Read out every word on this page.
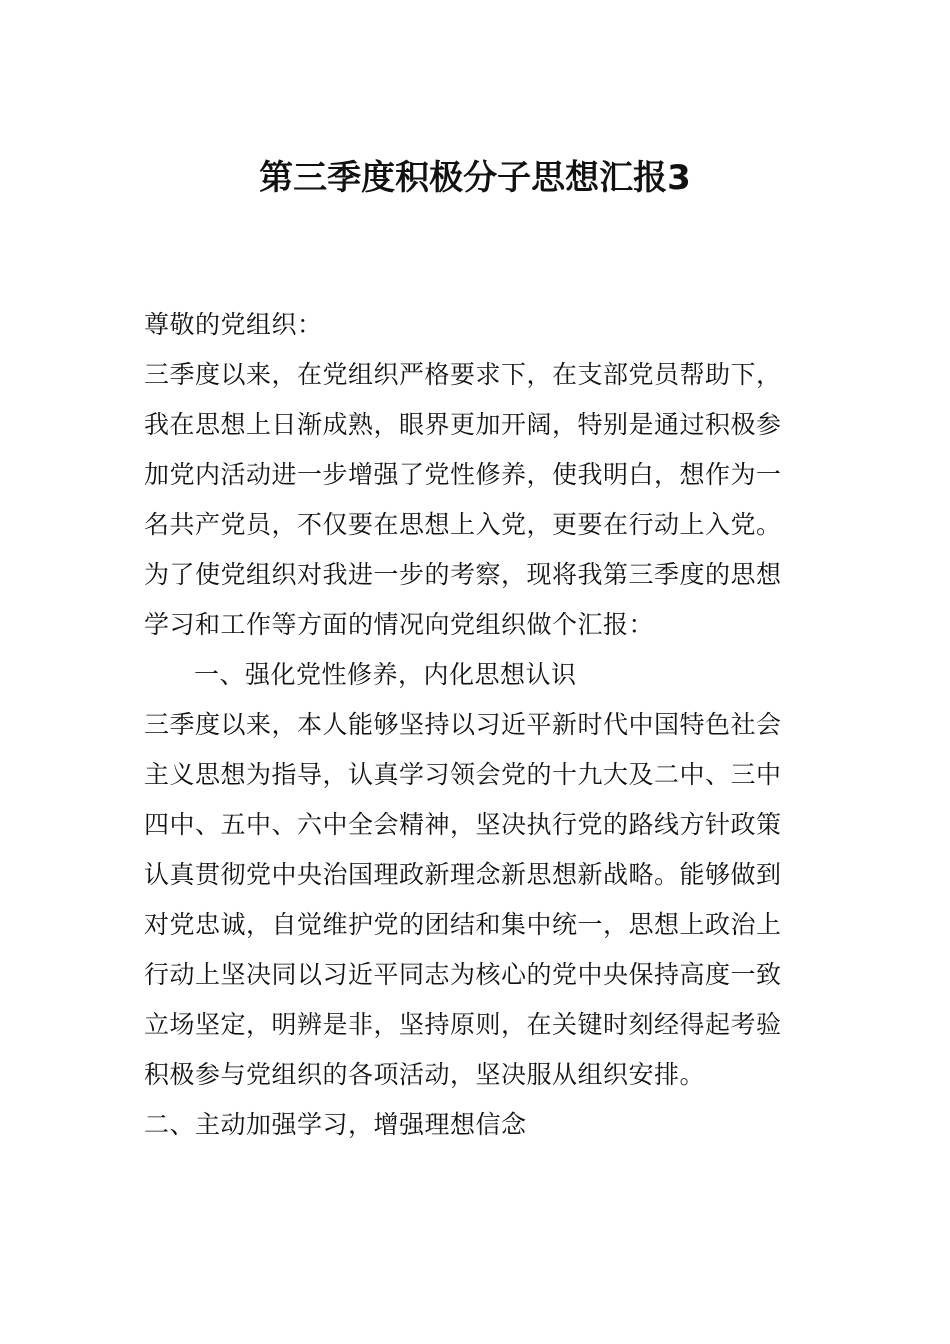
第三季度积极分子思想汇报3
尊敬的党组织：
三季度以来，在党组织严格要求下，在支部党员帮助下，
我在思想上日渐成熟，眼界更加开阔，特别是通过积极参
加党内活动进一步增强了党性修养，使我明白，想作为一
名共产党员，不仅要在思想上入党，更要在行动上入党。
为了使党组织对我进一步的考察，现将我第三季度的思想
学习和工作等方面的情况向党组织做个汇报：
一、强化党性修养，内化思想认识
三季度以来，本人能够坚持以习近平新时代中国特色社会
主义思想为指导，认真学习领会党的十九大及二中、三中
四中、五中、六中全会精神，坚决执行党的路线方针政策
认真贯彻党中央治国理政新理念新思想新战略。能够做到
对党忠诚，自觉维护党的团结和集中统一，思想上政治上
行动上坚决同以习近平同志为核心的党中央保持高度一致
立场坚定，明辨是非，坚持原则，在关键时刻经得起考验
积极参与党组织的各项活动，坚决服从组织安排。
二、主动加强学习，增强理想信念
